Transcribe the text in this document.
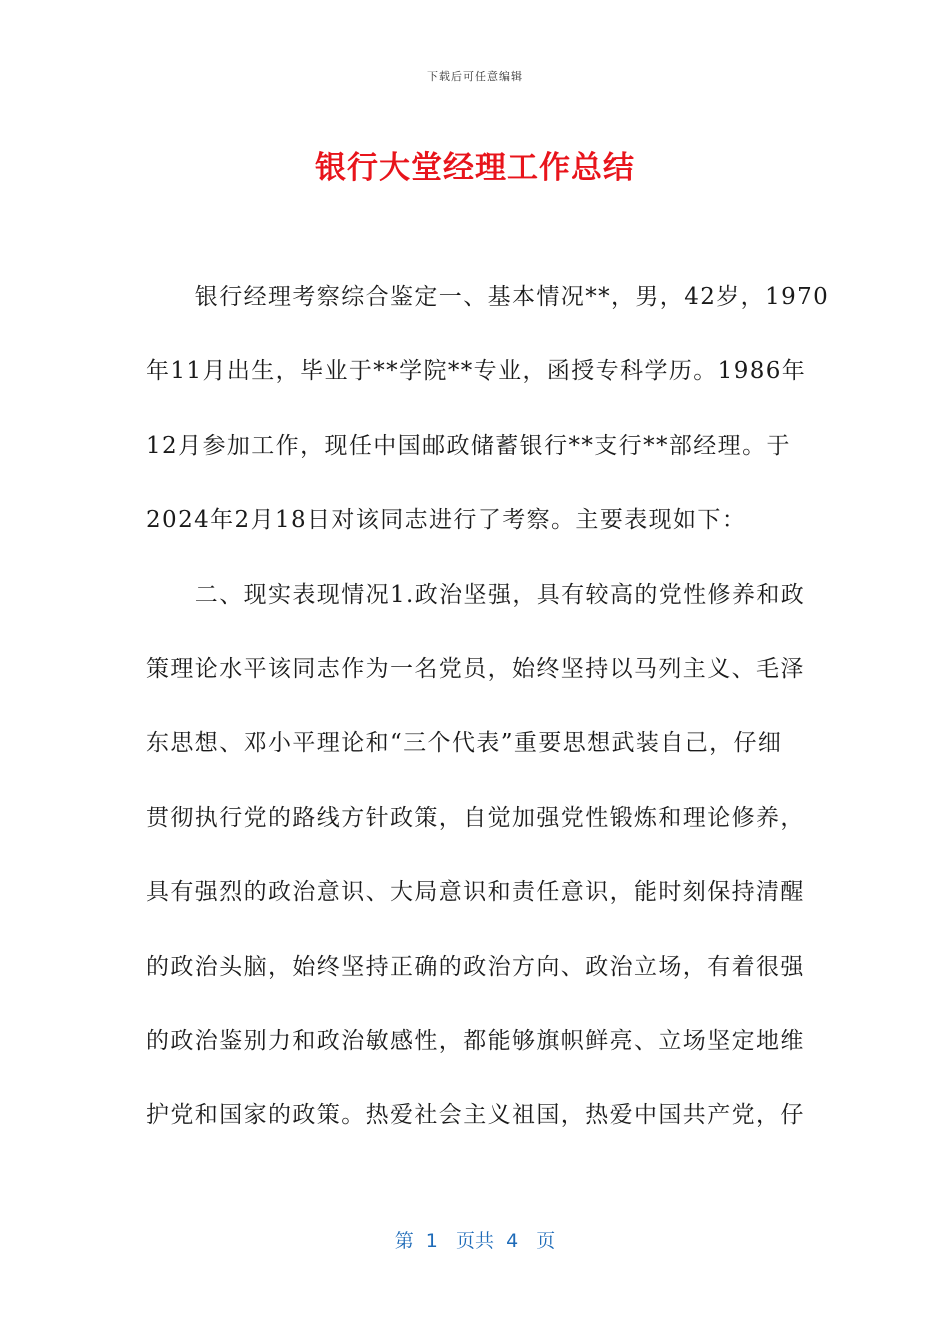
下载后可任意编辑
银行大堂经理工作总结
　　银行经理考察综合鉴定一、基本情况**，男，42岁，1970
年11月出生，毕业于**学院**专业，函授专科学历。1986年
12月参加工作，现任中国邮政储蓄银行**支行**部经理。于
2024年2月18日对该同志进行了考察。主要表现如下：
　　二、现实表现情况1.政治坚强，具有较高的党性修养和政
策理论水平该同志作为一名党员，始终坚持以马列主义、毛泽
东思想、邓小平理论和“三个代表”重要思想武装自己，仔细
贯彻执行党的路线方针政策，自觉加强党性锻炼和理论修养，
具有强烈的政治意识、大局意识和责任意识，能时刻保持清醒
的政治头脑，始终坚持正确的政治方向、政治立场，有着很强
的政治鉴别力和政治敏感性，都能够旗帜鲜亮、立场坚定地维
护党和国家的政策。热爱社会主义祖国，热爱中国共产党，仔
第  1   页共  4   页
